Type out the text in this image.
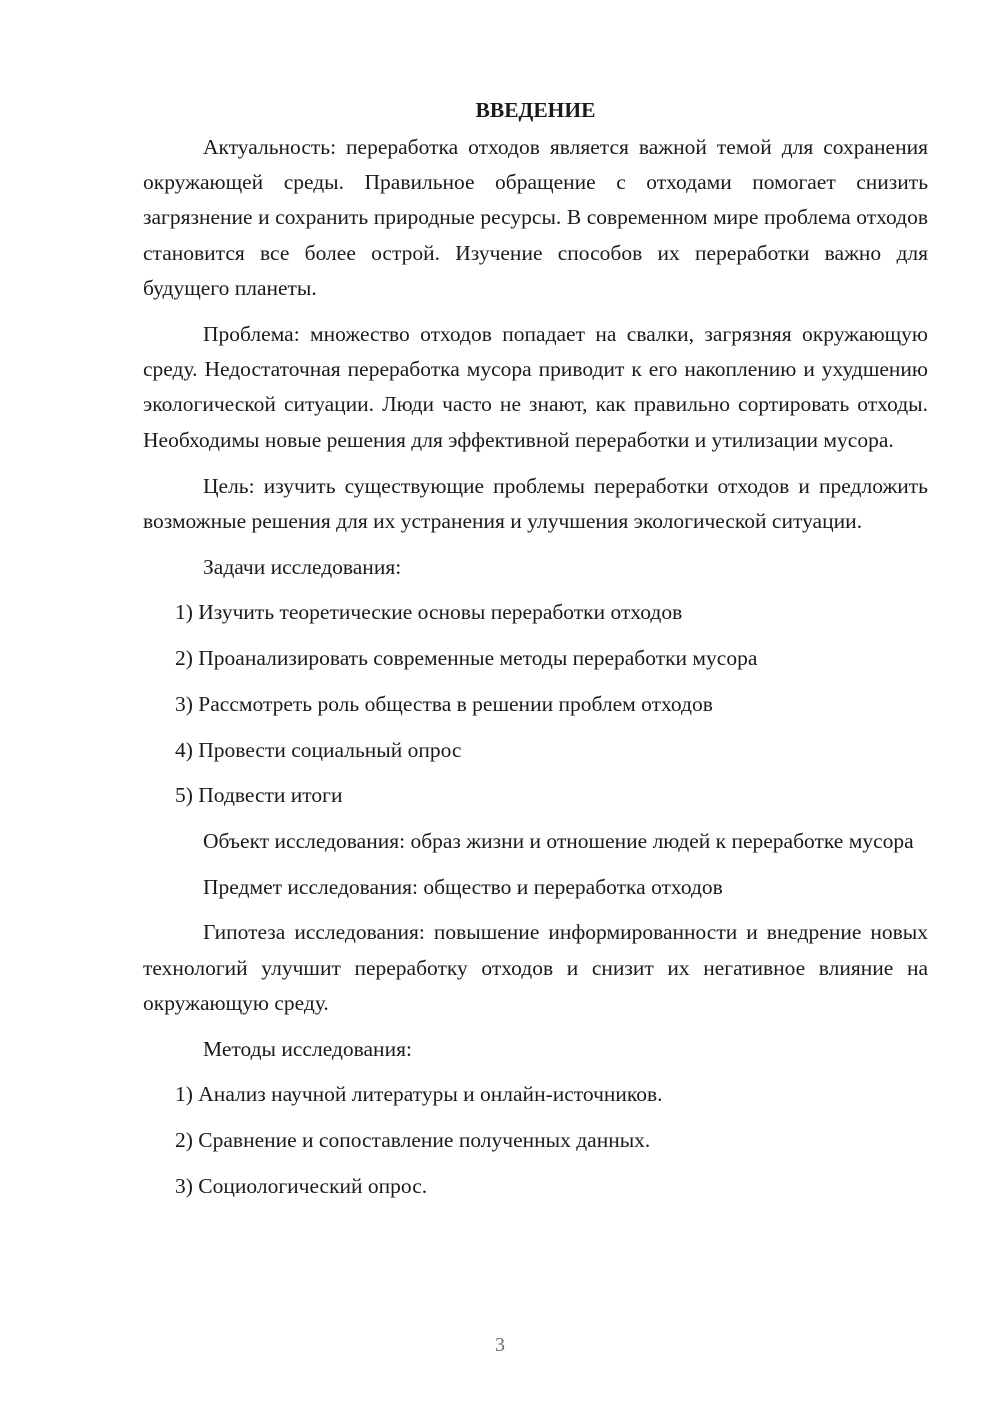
ВВЕДЕНИЕ

Актуальность: переработка отходов является важной темой для сохранения окружающей среды. Правильное обращение с отходами помогает снизить загрязнение и сохранить природные ресурсы. В современном мире проблема отходов становится все более острой. Изучение способов их переработки важно для будущего планеты.

Проблема: множество отходов попадает на свалки, загрязняя окружающую среду. Недостаточная переработка мусора приводит к его накоплению и ухудшению экологической ситуации. Люди часто не знают, как правильно сортировать отходы. Необходимы новые решения для эффективной переработки и утилизации мусора.

Цель: изучить существующие проблемы переработки отходов и предложить возможные решения для их устранения и улучшения экологической ситуации.

Задачи исследования:

1) Изучить теоретические основы переработки отходов
2) Проанализировать современные методы переработки мусора
3) Рассмотреть роль общества в решении проблем отходов
4) Провести социальный опрос
5) Подвести итоги

Объект исследования: образ жизни и отношение людей к переработке мусора

Предмет исследования: общество и переработка отходов

Гипотеза исследования: повышение информированности и внедрение новых технологий улучшит переработку отходов и снизит их негативное влияние на окружающую среду.

Методы исследования:

1) Анализ научной литературы и онлайн-источников.
2) Сравнение и сопоставление полученных данных.
3) Социологический опрос.
3
